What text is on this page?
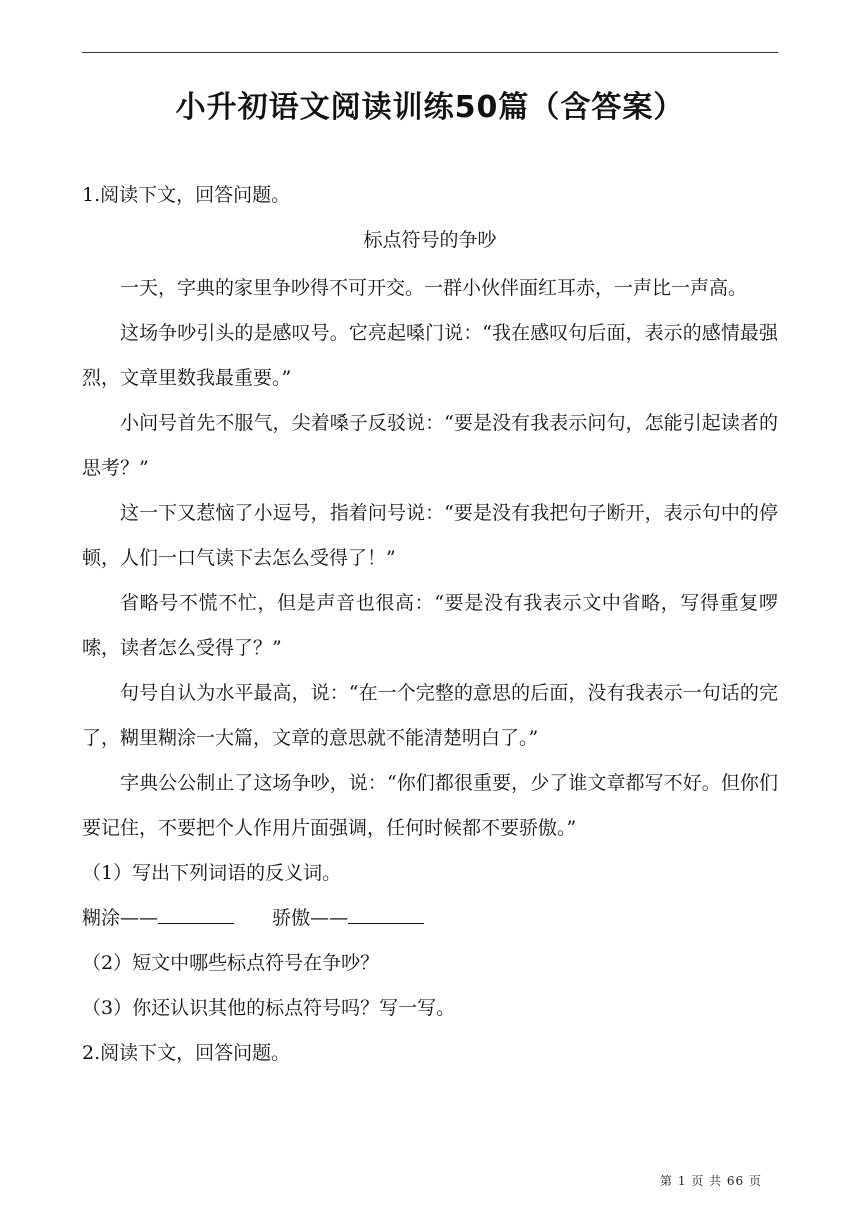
小升初语文阅读训练50篇（含答案）
1.阅读下文，回答问题。
标点符号的争吵
一天，字典的家里争吵得不可开交。一群小伙伴面红耳赤，一声比一声高。
这场争吵引头的是感叹号。它亮起嗓门说：“我在感叹句后面，表示的感情最强烈，文章里数我最重要。”
小问号首先不服气，尖着嗓子反驳说：“要是没有我表示问句，怎能引起读者的思考？”
这一下又惹恼了小逗号，指着问号说：“要是没有我把句子断开，表示句中的停顿，人们一口气读下去怎么受得了！”
省略号不慌不忙，但是声音也很高：“要是没有我表示文中省略，写得重复啰嗦，读者怎么受得了？”
句号自认为水平最高，说：“在一个完整的意思的后面，没有我表示一句话的完了，糊里糊涂一大篇，文章的意思就不能清楚明白了。”
字典公公制止了这场争吵，说：“你们都很重要，少了谁文章都写不好。但你们要记住，不要把个人作用片面强调，任何时候都不要骄傲。”
（1）写出下列词语的反义词。
糊涂——	骄傲——
（2）短文中哪些标点符号在争吵？
（3）你还认识其他的标点符号吗？写一写。
2.阅读下文，回答问题。
第 1 页 共 66 页
